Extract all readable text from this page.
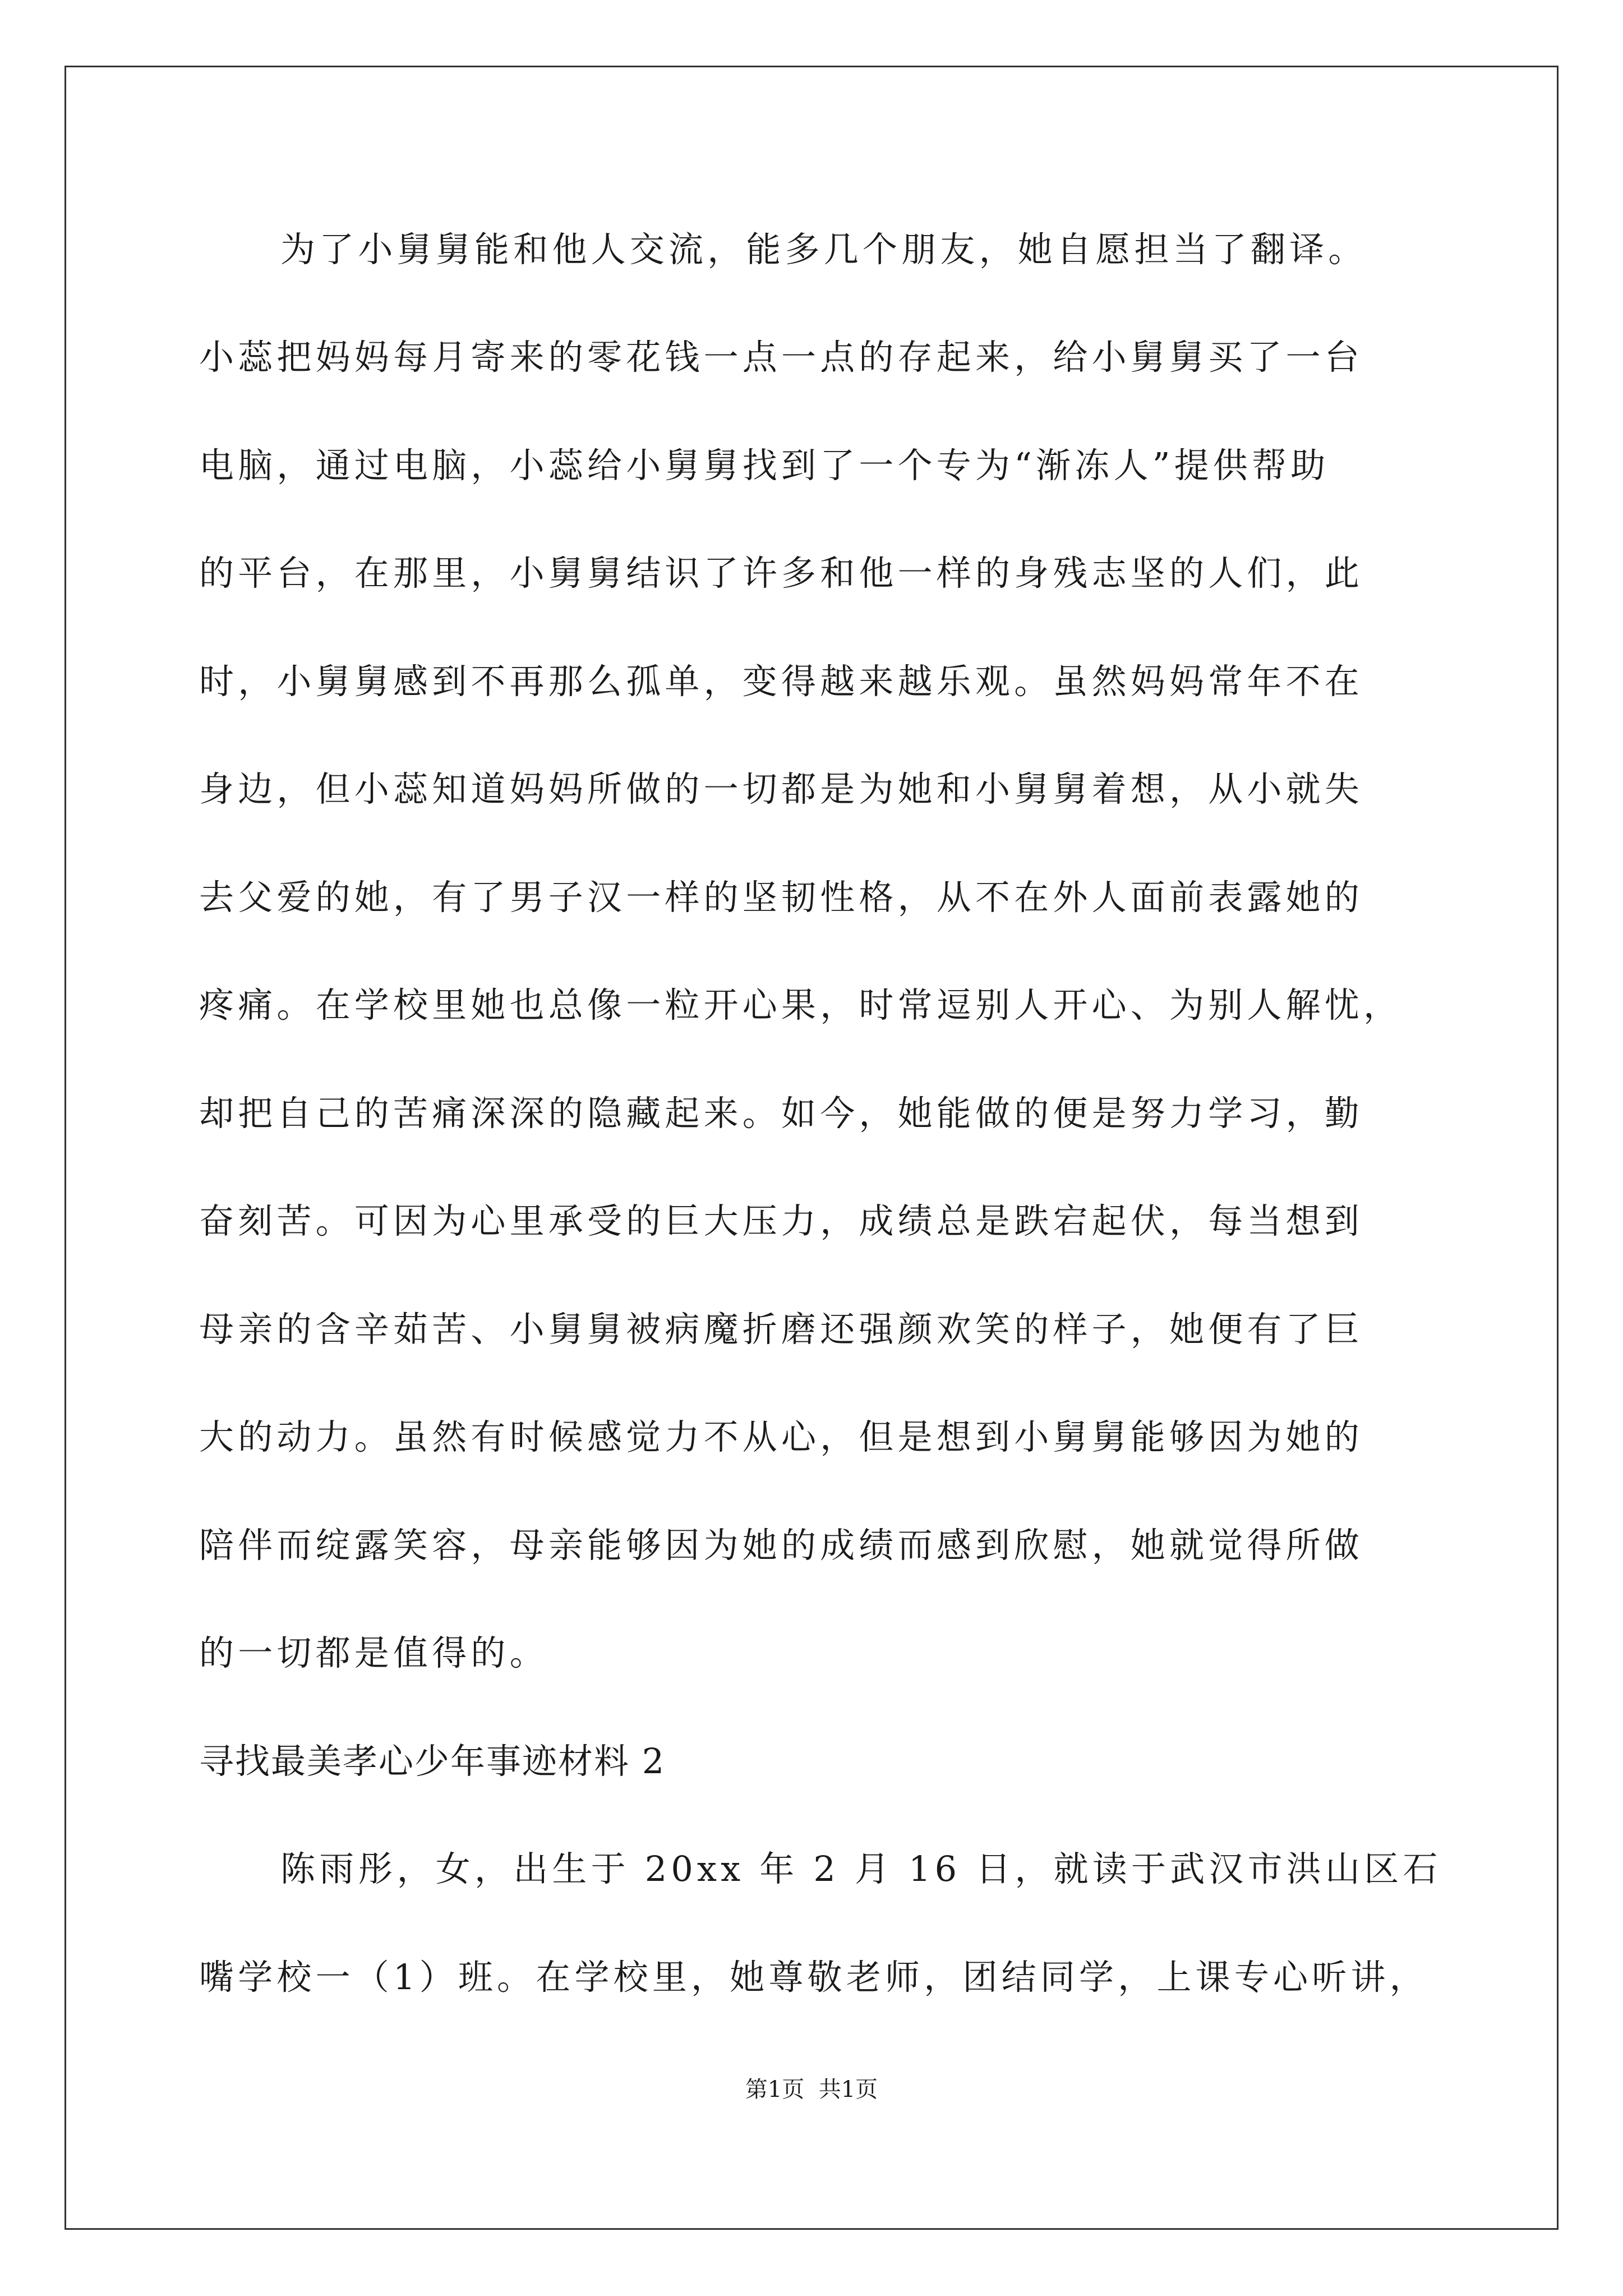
为了小舅舅能和他人交流，能多几个朋友，她自愿担当了翻译。
小蕊把妈妈每月寄来的零花钱一点一点的存起来，给小舅舅买了一台
电脑，通过电脑，小蕊给小舅舅找到了一个专为“渐冻人”提供帮助
的平台，在那里，小舅舅结识了许多和他一样的身残志坚的人们，此
时，小舅舅感到不再那么孤单，变得越来越乐观。虽然妈妈常年不在
身边，但小蕊知道妈妈所做的一切都是为她和小舅舅着想，从小就失
去父爱的她，有了男子汉一样的坚韧性格，从不在外人面前表露她的
疼痛。在学校里她也总像一粒开心果，时常逗别人开心、为别人解忧，
却把自己的苦痛深深的隐藏起来。如今，她能做的便是努力学习，勤
奋刻苦。可因为心里承受的巨大压力，成绩总是跌宕起伏，每当想到
母亲的含辛茹苦、小舅舅被病魔折磨还强颜欢笑的样子，她便有了巨
大的动力。虽然有时候感觉力不从心，但是想到小舅舅能够因为她的
陪伴而绽露笑容，母亲能够因为她的成绩而感到欣慰，她就觉得所做
的一切都是值得的。
寻找最美孝心少年事迹材料 2
陈雨彤，女，出生于 20xx 年 2 月 16 日，就读于武汉市洪山区石
嘴学校一（1）班。在学校里，她尊敬老师，团结同学，上课专心听讲，
第1页  共1页
